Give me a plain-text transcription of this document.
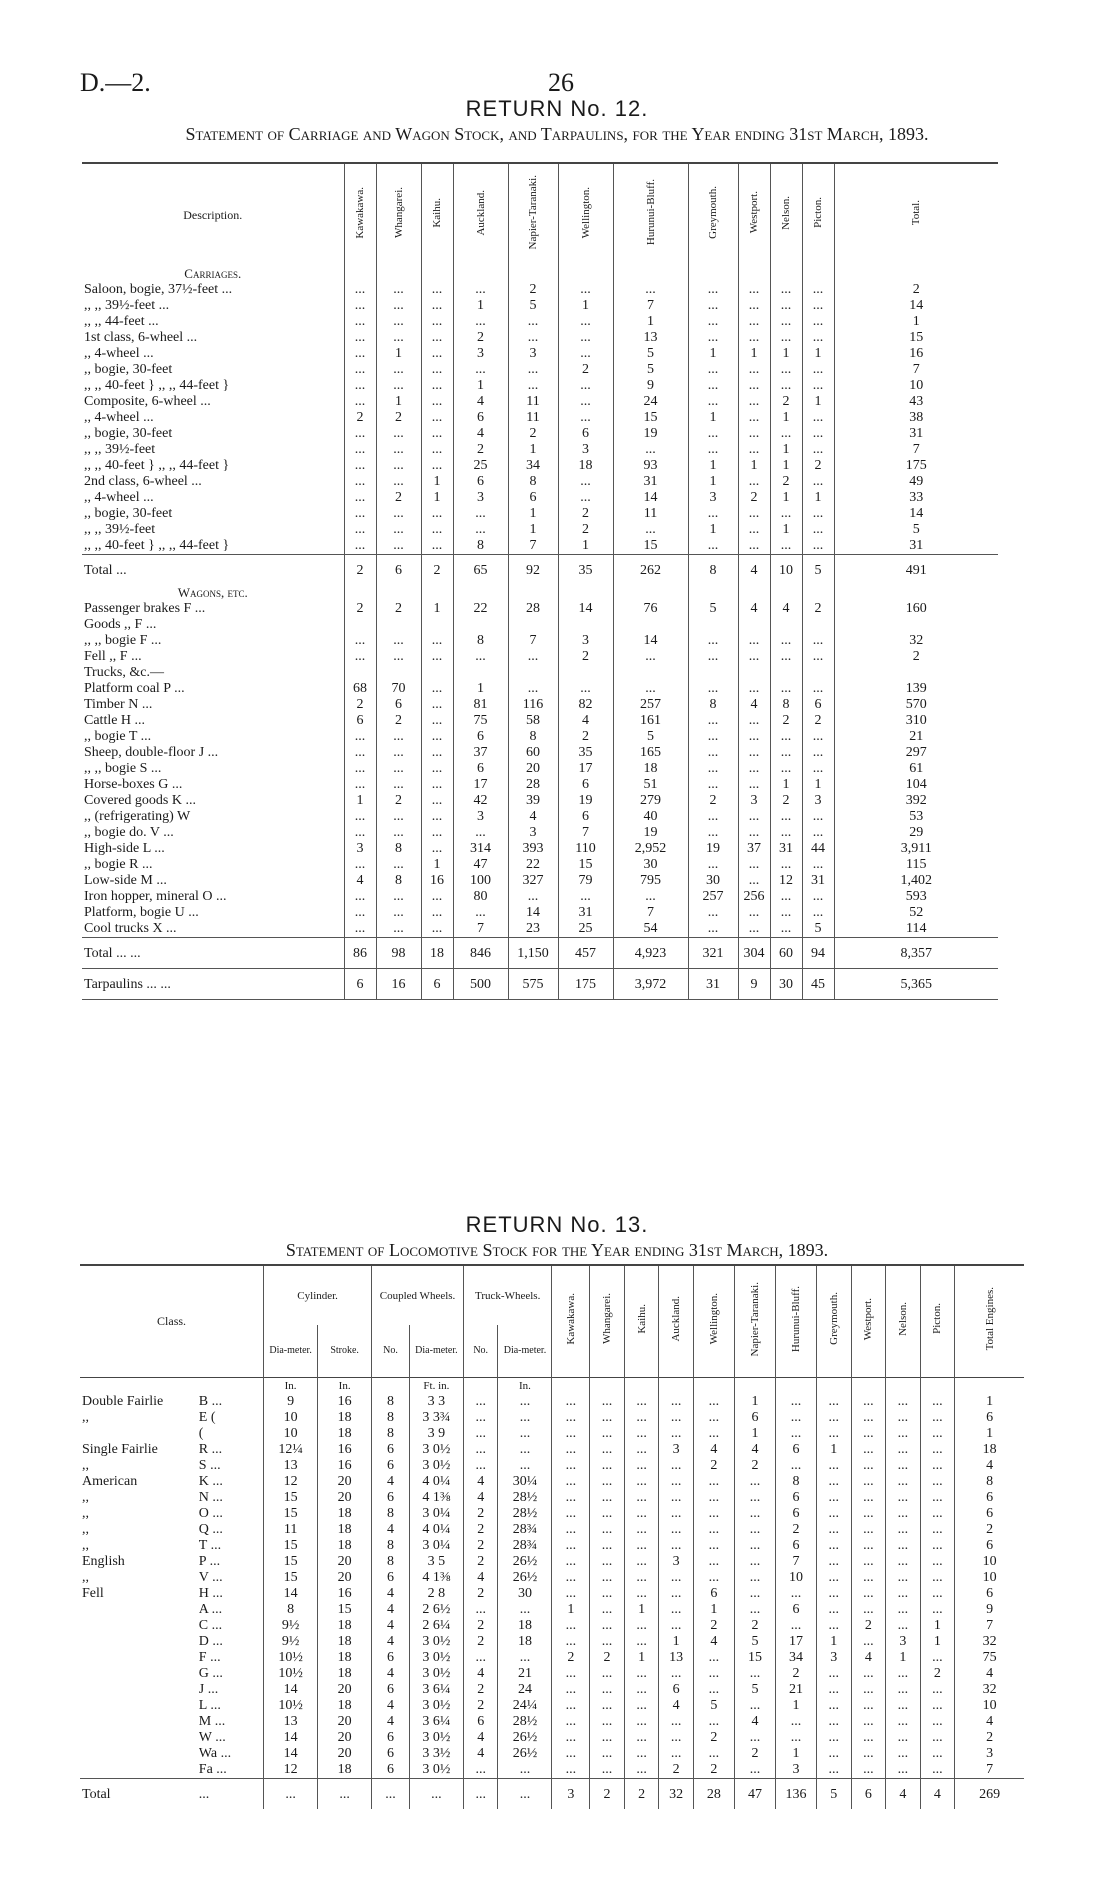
D.—2.	26
RETURN No. 12.
Statement of Carriage and Wagon Stock, and Tarpaulins, for the Year ending 31st March, 1893.
Description.	Kawakawa.	Whangarei.	Kaihu.	Auckland.	Napier-Taranaki.	Wellington.	Hurunui-Bluff.	Greymouth.	Westport.	Nelson.	Picton.	Total.
Carriages.												
Saloon, bogie, 37½-feet ...	...	...	...	...	2	...	...	...	...	...	...	2
,, ,, 39½-feet ...	...	...	...	1	5	1	7	...	...	...	...	14
,, ,, 44-feet ...	...	...	...	...	...	...	1	...	...	...	...	1
1st class, 6-wheel ...	...	...	...	2	...	...	13	...	...	...	...	15
,, 4-wheel ...	...	1	...	3	3	...	5	1	1	1	1	16
,, bogie, 30-feet	...	...	...	...	...	2	5	...	...	...	...	7
,, ,, 40-feet } ,, ,, 44-feet }	...	...	...	1	...	...	9	...	...	...	...	10
Composite, 6-wheel ...	...	1	...	4	11	...	24	...	...	2	1	43
,, 4-wheel ...	2	2	...	6	11	...	15	1	...	1	...	38
,, bogie, 30-feet	...	...	...	4	2	6	19	...	...	...	...	31
,, ,, 39½-feet	...	...	...	2	1	3	...	...	...	1	...	7
,, ,, 40-feet } ,, ,, 44-feet }	...	...	...	25	34	18	93	1	1	1	2	175
2nd class, 6-wheel ...	...	...	1	6	8	...	31	1	...	2	...	49
,, 4-wheel ...	...	2	1	3	6	...	14	3	2	1	1	33
,, bogie, 30-feet	...	...	...	...	1	2	11	...	...	...	...	14
,, ,, 39½-feet	...	...	...	...	1	2	...	1	...	1	...	5
,, ,, 40-feet } ,, ,, 44-feet }	...	...	...	8	7	1	15	...	...	...	...	31
Total ...	2	6	2	65	92	35	262	8	4	10	5	491
Wagons, etc.												
Passenger brakes F ...	2	2	1	22	28	14	76	5	4	4	2	160
Goods ,, F ...												
,, ,, bogie F ...	...	...	...	8	7	3	14	...	...	...	...	32
Fell ,, F ...	...	...	...	...	...	2	...	...	...	...	...	2
Trucks, &c.—												
Platform coal P ...	68	70	...	1	...	...	...	...	...	...	...	139
Timber N ...	2	6	...	81	116	82	257	8	4	8	6	570
Cattle H ...	6	2	...	75	58	4	161	...	...	2	2	310
,, bogie T ...	...	...	...	6	8	2	5	...	...	...	...	21
Sheep, double-floor J ...	...	...	...	37	60	35	165	...	...	...	...	297
,, ,, bogie S ...	...	...	...	6	20	17	18	...	...	...	...	61
Horse-boxes G ...	...	...	...	17	28	6	51	...	...	1	1	104
Covered goods K ...	1	2	...	42	39	19	279	2	3	2	3	392
,, (refrigerating) W	...	...	...	3	4	6	40	...	...	...	...	53
,, bogie do. V ...	...	...	...	...	3	7	19	...	...	...	...	29
High-side L ...	3	8	...	314	393	110	2,952	19	37	31	44	3,911
,, bogie R ...	...	...	1	47	22	15	30	...	...	...	...	115
Low-side M ...	4	8	16	100	327	79	795	30	...	12	31	1,402
Iron hopper, mineral O ...	...	...	...	80	...	...	...	257	256	...	...	593
Platform, bogie U ...	...	...	...	...	14	31	7	...	...	...	...	52
Cool trucks X ...	...	...	...	7	23	25	54	...	...	...	5	114
Total ... ...	86	98	18	846	1,150	457	4,923	321	304	60	94	8,357
Tarpaulins ... ...	6	16	6	500	575	175	3,972	31	9	30	45	5,365
RETURN No. 13.
Statement of Locomotive Stock for the Year ending 31st March, 1893.
Class.		Cylinder.		Coupled Wheels.		Truck-Wheels.		Kawakawa.	Whangarei.	Kaihu.	Auckland.	Wellington.	Napier-Taranaki.	Hurunui-Bluff.	Greymouth.	Westport.	Nelson.	Picton.	Total Engines.
		Dia-meter.	Stroke.	No.	Dia-meter.	No.	Dia-meter.												
		In.	In.		Ft. in.		In.												
Double Fairlie	B ...	9	16	8	3 3	...	...	...	...	...	...	...	1	...	...	...	...	...	1
,,	E (	10	18	8	3 3¾	...	...	...	...	...	...	...	6	...	...	...	...	...	6
	(	10	18	8	3 9	...	...	...	...	...	...	...	1	...	...	...	...	...	1
Single Fairlie	R ...	12¼	16	6	3 0½	...	...	...	...	...	3	4	4	6	1	...	...	...	18
,,	S ...	13	16	6	3 0½	...	...	...	...	...	...	2	2	...	...	...	...	...	4
American	K ...	12	20	4	4 0¼	4	30¼	...	...	...	...	...	...	8	...	...	...	...	8
,,	N ...	15	20	6	4 1⅜	4	28½	...	...	...	...	...	...	6	...	...	...	...	6
,,	O ...	15	18	8	3 0¼	2	28½	...	...	...	...	...	...	6	...	...	...	...	6
,,	Q ...	11	18	4	4 0¼	2	28¾	...	...	...	...	...	...	2	...	...	...	...	2
,,	T ...	15	18	8	3 0¼	2	28¾	...	...	...	...	...	...	6	...	...	...	...	6
English	P ...	15	20	8	3 5	2	26½	...	...	...	3	...	...	7	...	...	...	...	10
,,	V ...	15	20	6	4 1⅜	4	26½	...	...	...	...	...	...	10	...	...	...	...	10
Fell	H ...	14	16	4	2 8	2	30	...	...	...	...	6	...	...	...	...	...	...	6
	A ...	8	15	4	2 6½	...	...	1	...	1	...	1	...	6	...	...	...	...	9
	C ...	9½	18	4	2 6¼	2	18	...	...	...	...	2	2	...	...	2	...	1	7
	D ...	9½	18	4	3 0½	2	18	...	...	...	1	4	5	17	1	...	3	1	32
	F ...	10½	18	6	3 0½	...	...	2	2	1	13	...	15	34	3	4	1	...	75
	G ...	10½	18	4	3 0½	4	21	...	...	...	...	...	...	2	...	...	...	2	4
	J ...	14	20	6	3 6¼	2	24	...	...	...	6	...	5	21	...	...	...	...	32
	L ...	10½	18	4	3 0½	2	24¼	...	...	...	4	5	...	1	...	...	...	...	10
	M ...	13	20	4	3 6¼	6	28½	...	...	...	...	...	4	...	...	...	...	...	4
	W ...	14	20	6	3 0½	4	26½	...	...	...	...	2	...	...	...	...	...	...	2
	Wa ...	14	20	6	3 3½	4	26½	...	...	...	...	...	2	1	...	...	...	...	3
	Fa ...	12	18	6	3 0½	...	...	...	...	...	2	2	...	3	...	...	...	...	7
Total	...	...	...	...	...	...	...	3	2	2	32	28	47	136	5	6	4	4	269
